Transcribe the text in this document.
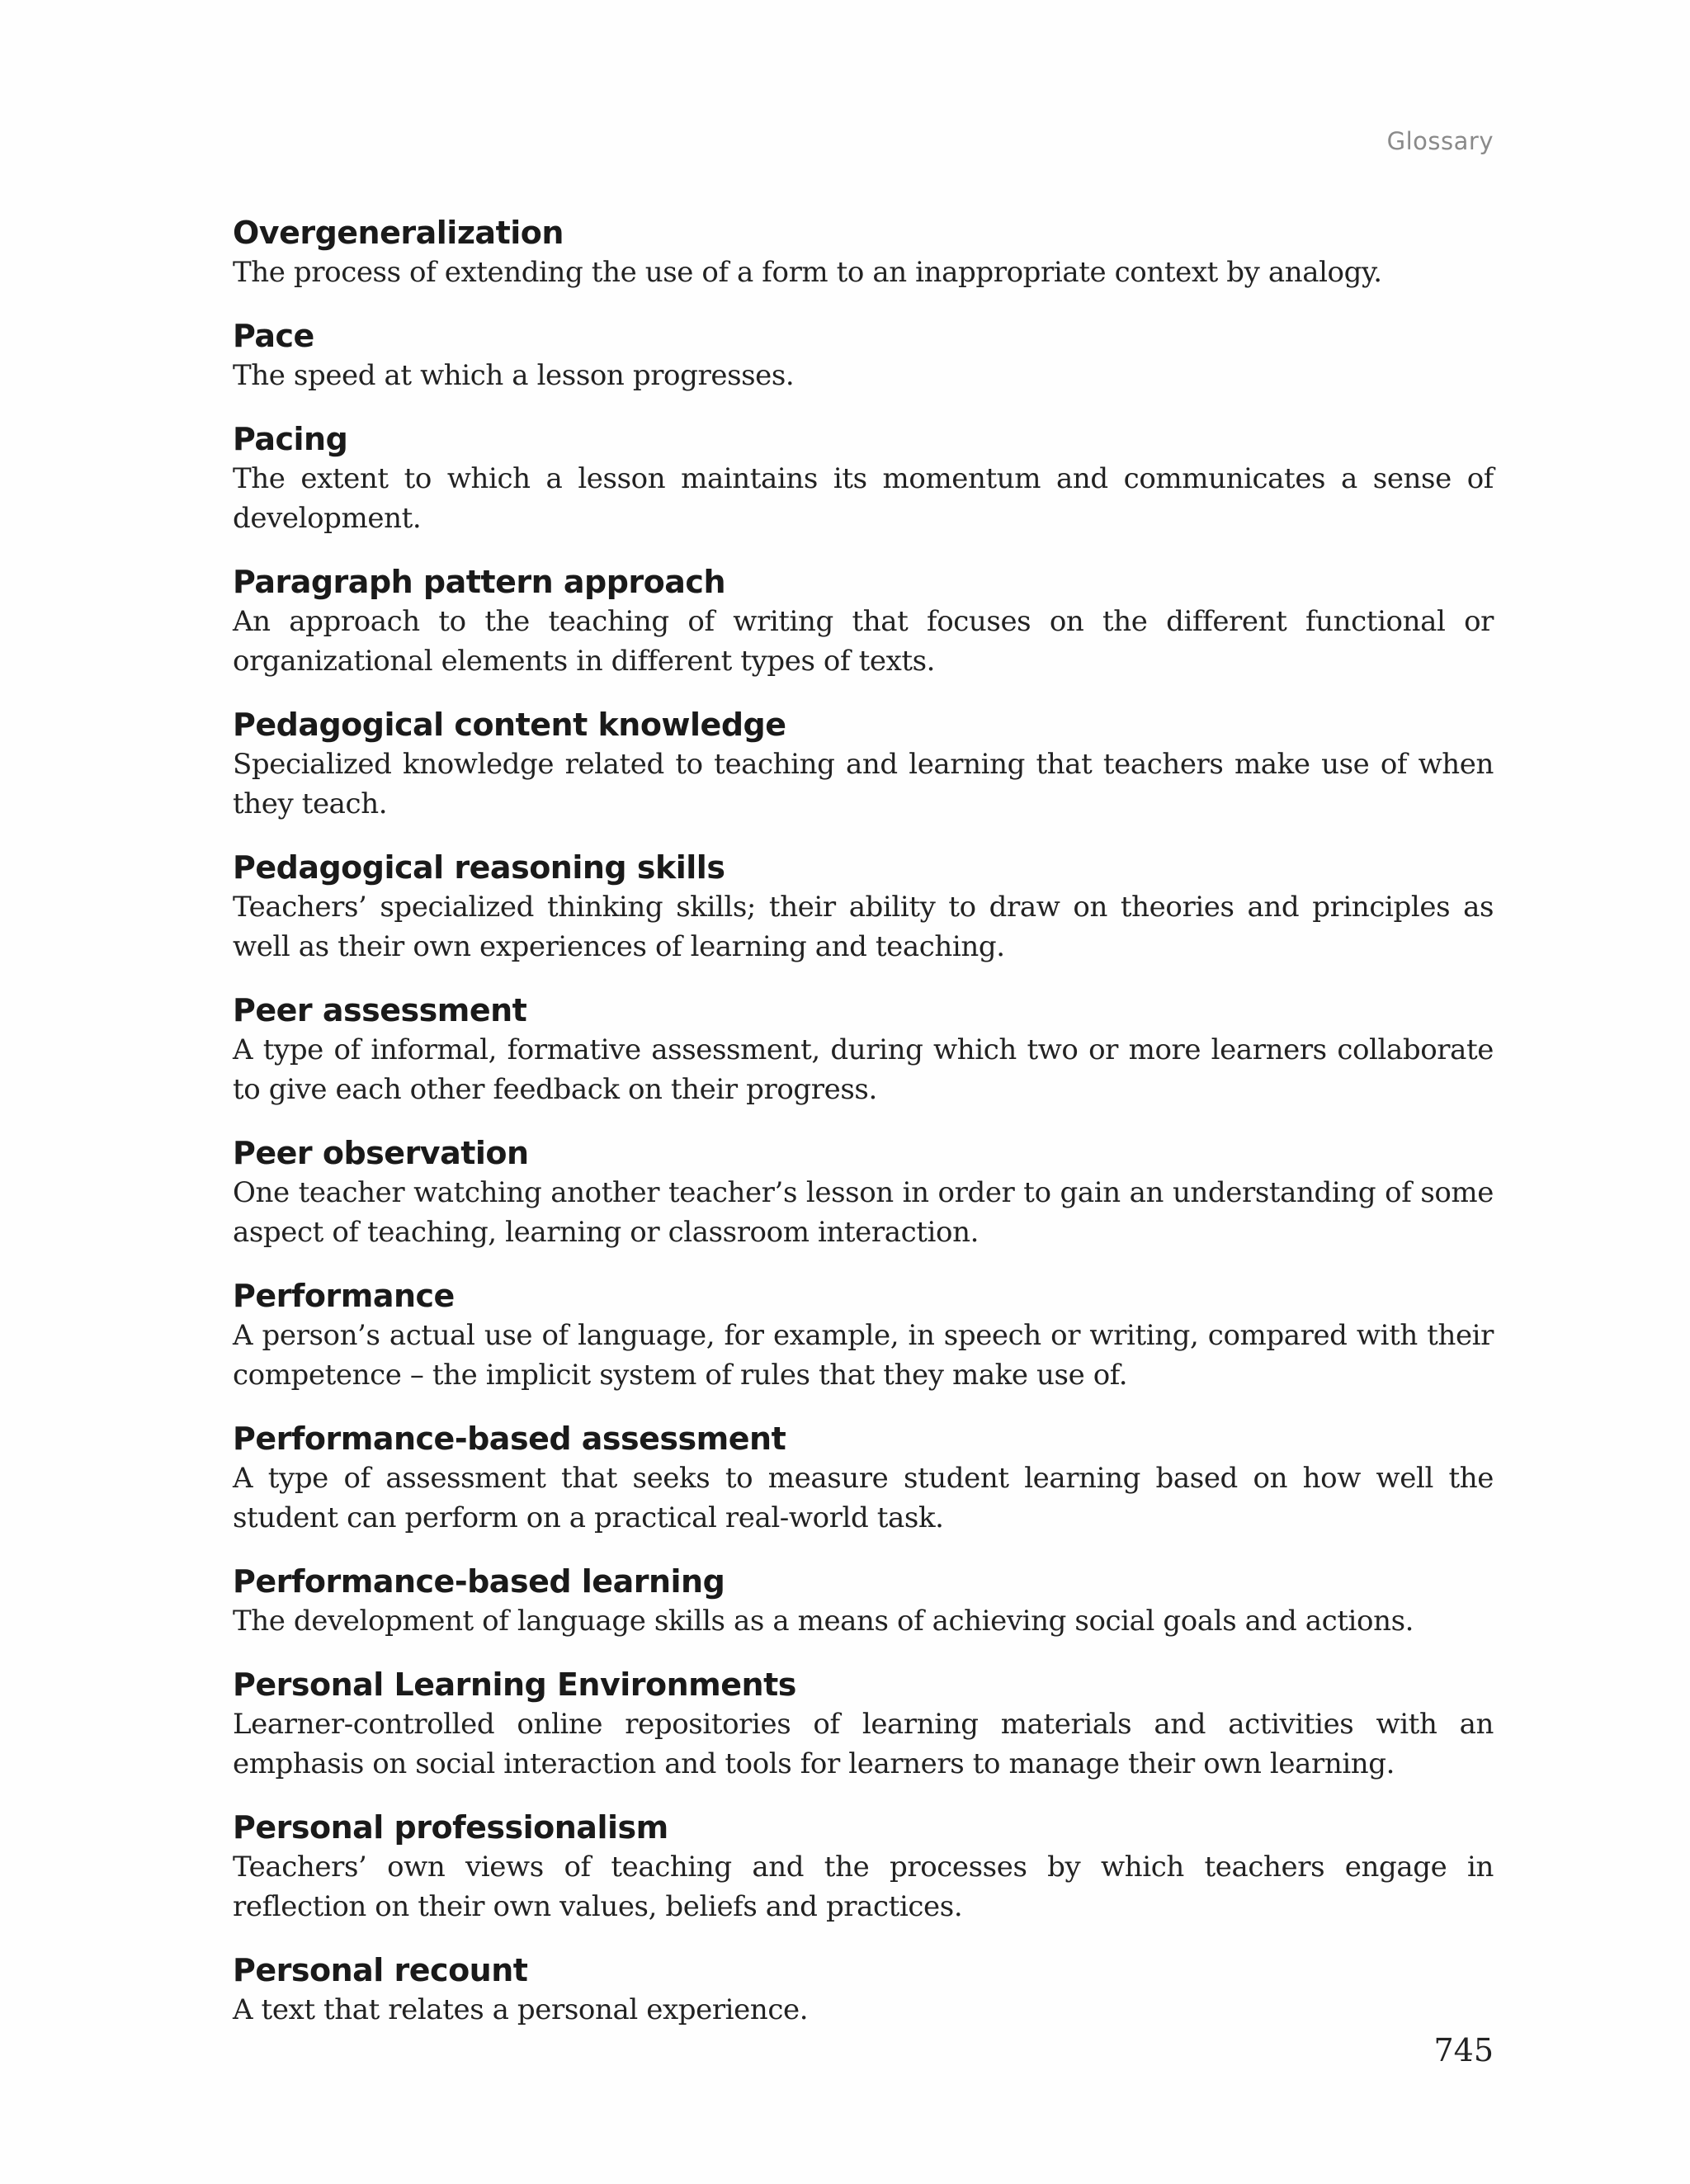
Glossary
Overgeneralization
The process of extending the use of a form to an inappropriate context by analogy.
Pace
The speed at which a lesson progresses.
Pacing
The extent to which a lesson maintains its momentum and communicates a sense of development.
Paragraph pattern approach
An approach to the teaching of writing that focuses on the different functional or organizational elements in different types of texts.
Pedagogical content knowledge
Specialized knowledge related to teaching and learning that teachers make use of when they teach.
Pedagogical reasoning skills
Teachers’ specialized thinking skills; their ability to draw on theories and principles as well as their own experiences of learning and teaching.
Peer assessment
A type of informal, formative assessment, during which two or more learners collaborate to give each other feedback on their progress.
Peer observation
One teacher watching another teacher’s lesson in order to gain an understanding of some aspect of teaching, learning or classroom interaction.
Performance
A person’s actual use of language, for example, in speech or writing, compared with their competence – the implicit system of rules that they make use of.
Performance-based assessment
A type of assessment that seeks to measure student learning based on how well the student can perform on a practical real-world task.
Performance-based learning
The development of language skills as a means of achieving social goals and actions.
Personal Learning Environments
Learner-controlled online repositories of learning materials and activities with an emphasis on social interaction and tools for learners to manage their own learning.
Personal professionalism
Teachers’ own views of teaching and the processes by which teachers engage in reflection on their own values, beliefs and practices.
Personal recount
A text that relates a personal experience.
745
